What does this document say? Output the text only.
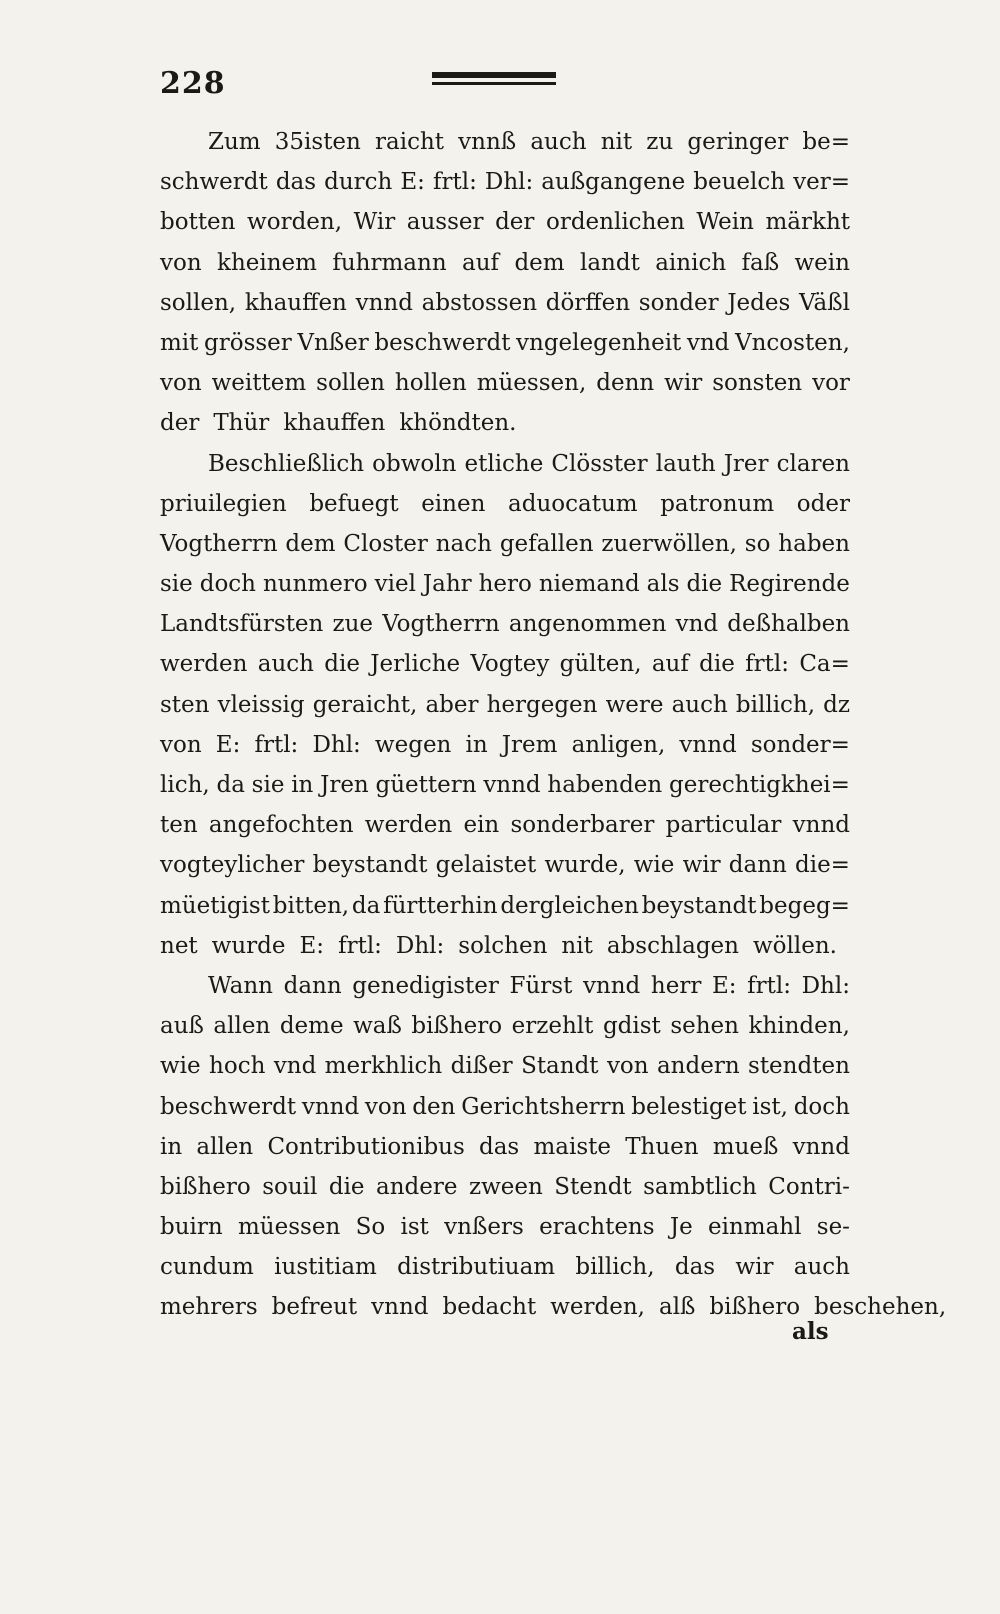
228
Zum 35isten raicht vnnß auch nit zu geringer be=
schwerdt das durch E: frtl: Dhl: außgangene beuelch ver=
botten worden, Wir ausser der ordenlichen Wein märkht
von kheinem fuhrmann auf dem landt ainich faß wein
sollen, khauffen vnnd abstossen dörffen sonder Jedes Väßl
mit grösser Vnßer beschwerdt vngelegenheit vnd Vncosten,
von weittem sollen hollen müessen, denn wir sonsten vor
der Thür khauffen khöndten.
Beschließlich obwoln etliche Clösster lauth Jrer claren
priuilegien befuegt einen aduocatum patronum oder
Vogtherrn dem Closter nach gefallen zuerwöllen, so haben
sie doch nunmero viel Jahr hero niemand als die Regirende
Landtsfürsten zue Vogtherrn angenommen vnd deßhalben
werden auch die Jerliche Vogtey gülten, auf die frtl: Ca=
sten vleissig geraicht, aber hergegen were auch billich, dz
von E: frtl: Dhl: wegen in Jrem anligen, vnnd sonder=
lich, da sie in Jren güettern vnnd habenden gerechtigkhei=
ten angefochten werden ein sonderbarer particular vnnd
vogteylicher beystandt gelaistet wurde, wie wir dann die=
müetigist bitten, da fürtterhin dergleichen beystandt begeg=
net wurde E: frtl: Dhl: solchen nit abschlagen wöllen.
Wann dann genedigister Fürst vnnd herr E: frtl: Dhl:
auß allen deme waß bißhero erzehlt gdist sehen khinden,
wie hoch vnd merkhlich dißer Standt von andern stendten
beschwerdt vnnd von den Gerichtsherrn belestiget ist, doch
in allen Contributionibus das maiste Thuen mueß vnnd
bißhero souil die andere zween Stendt sambtlich Contri-
buirn müessen So ist vnßers erachtens Je einmahl se-
cundum iustitiam distributiuam billich, das wir auch
mehrers befreut vnnd bedacht werden, alß bißhero beschehen,
als
